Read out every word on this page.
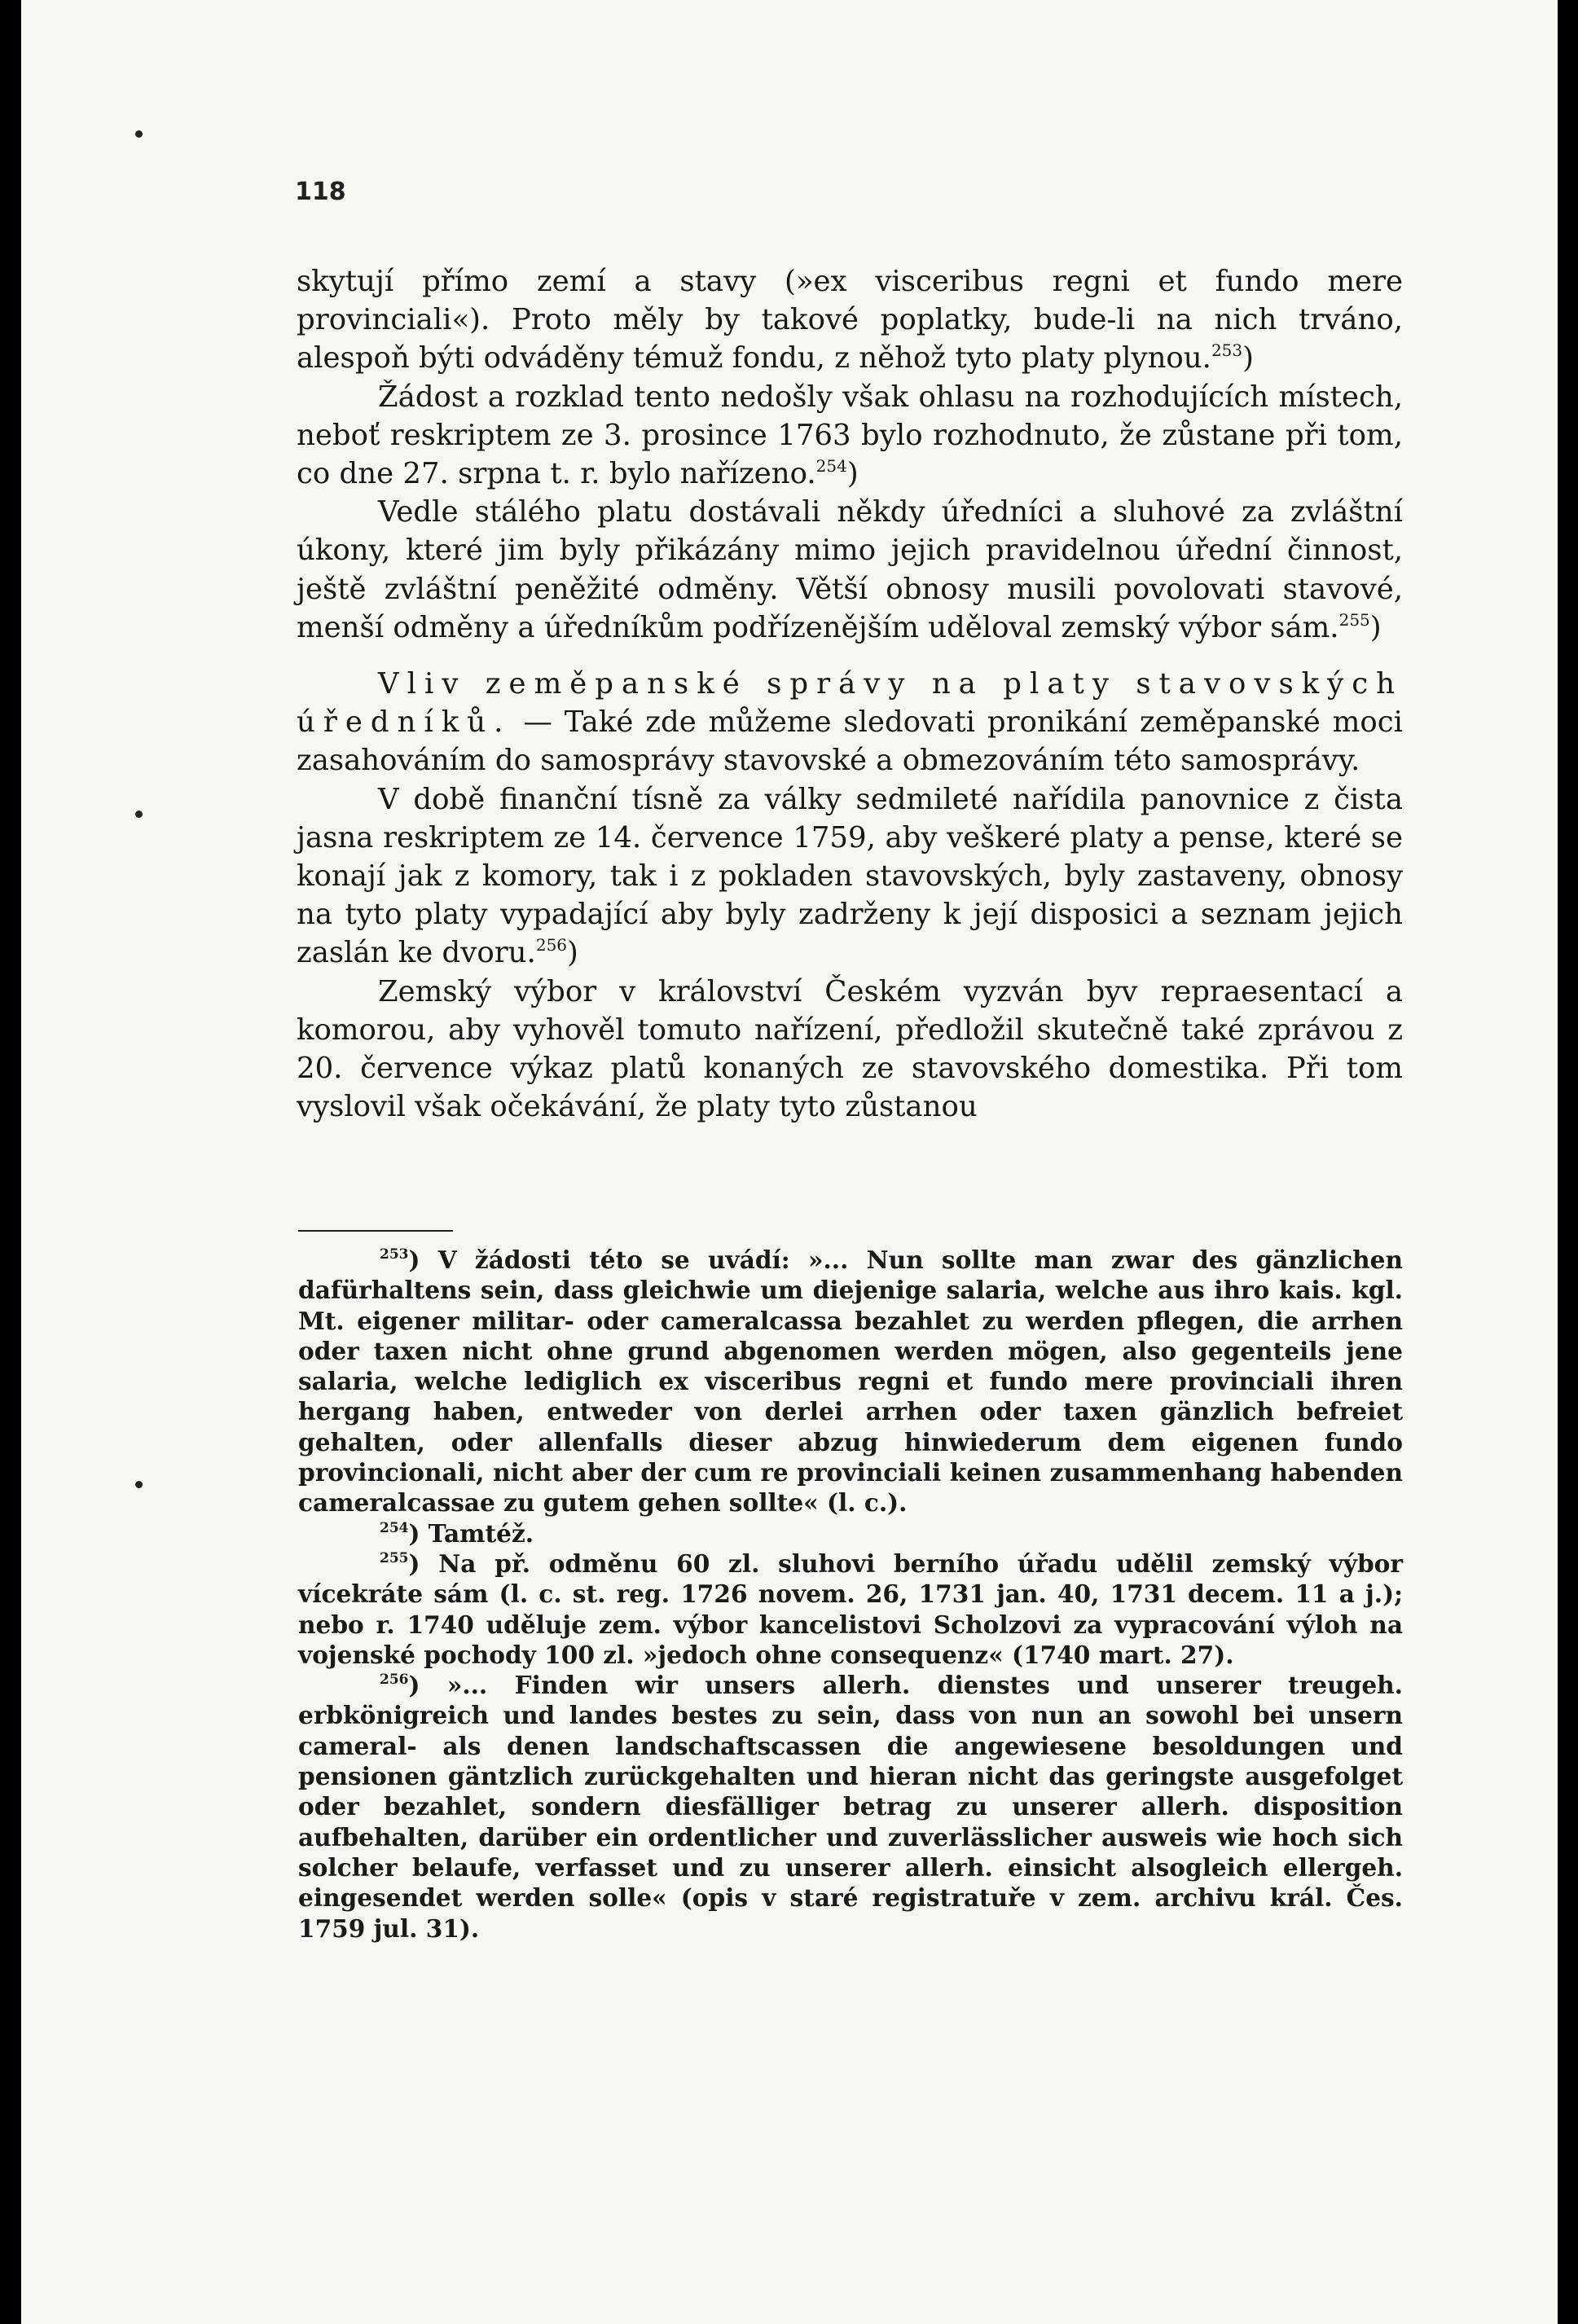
118

skytují přímo zemí a stavy (»ex visceribus regni et fundo mere provinciali«). Proto měly by takové poplatky, bude-li na nich trváno, alespoň býti odváděny témuž fondu, z něhož tyto platy plynou.$^{253}$)

Žádost a rozklad tento nedošly však ohlasu na rozhodujících místech, neboť reskriptem ze 3. prosince 1763 bylo rozhodnuto, že zůstane při tom, co dne 27. srpna t. r. bylo nařízeno.$^{254}$)

Vedle stálého platu dostávali někdy úředníci a sluhové za zvláštní úkony, které jim byly přikázány mimo jejich pravidelnou úřední činnost, ještě zvláštní peněžité odměny. Větší obnosy musili povolovati stavové, menší odměny a úředníkům podřízenějším uděloval zemský výbor sám.$^{255}$)

Vliv zeměpanské správy na platy stavovských úředníků. — Také zde můžeme sledovati pronikání zeměpanské moci zasahováním do samosprávy stavovské a obmezováním této samosprávy.

V době finanční tísně za války sedmileté nařídila panovnice z čista jasna reskriptem ze 14. července 1759, aby veškeré platy a pense, které se konají jak z komory, tak i z pokladen stavovských, byly zastaveny, obnosy na tyto platy vypadající aby byly zadrženy k její disposici a seznam jejich zaslán ke dvoru.$^{256}$)

Zemský výbor v království Českém vyzván byv repraesentací a komorou, aby vyhověl tomuto nařízení, předložil skutečně také zprávou z 20. července výkaz platů konaných ze stavovského domestika. Při tom vyslovil však očekávání, že platy tyto zůstanou

$^{253}$) V žádosti této se uvádí: »... Nun sollte man zwar des gänzlichen dafürhaltens sein, dass gleichwie um diejenige salaria, welche aus ihro kais. kgl. Mt. eigener militar- oder cameralcassa bezahlet zu werden pflegen, die arrhen oder taxen nicht ohne grund abgenomen werden mögen, also gegenteils jene salaria, welche lediglich ex visceribus regni et fundo mere provinciali ihren hergang haben, entweder von derlei arrhen oder taxen gänzlich befreiet gehalten, oder allenfalls dieser abzug hinwiederum dem eigenen fundo provincionali, nicht aber der cum re provinciali keinen zusammenhang habenden cameralcassae zu gutem gehen sollte« (l. c.).

$^{254}$) Tamtéž.

$^{255}$) Na př. odměnu 60 zl. sluhovi berního úřadu udělil zemský výbor vícekráte sám (l. c. st. reg. 1726 novem. 26, 1731 jan. 40, 1731 decem. 11 a j.); nebo r. 1740 uděluje zem. výbor kancelistovi Scholzovi za vypracování výloh na vojenské pochody 100 zl. »jedoch ohne consequenz« (1740 mart. 27).

$^{256}$) »... Finden wir unsers allerh. dienstes und unserer treugeh. erbkönigreich und landes bestes zu sein, dass von nun an sowohl bei unsern cameral- als denen landschaftscassen die angewiesene besoldungen und pensionen gäntzlich zurückgehalten und hieran nicht das geringste ausgefolget oder bezahlet, sondern diesfälliger betrag zu unserer allerh. disposition aufbehalten, darüber ein ordentlicher und zuverlässlicher ausweis wie hoch sich solcher belaufe, verfasset und zu unserer allerh. einsicht alsogleich ellergeh. eingesendet werden solle« (opis v staré registratuře v zem. archivu král. Čes. 1759 jul. 31).
